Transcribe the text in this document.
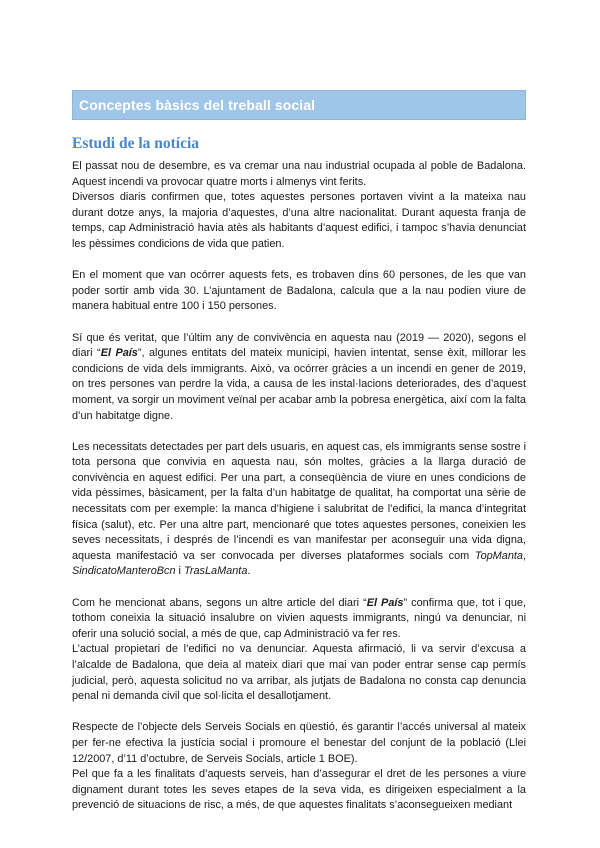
Conceptes bàsics del treball social
Estudi de la notícia

El passat nou de desembre, es va cremar una nau industrial ocupada al poble de Badalona. Aquest incendi va provocar quatre morts i almenys vint ferits.

Diversos diaris confirmen que, totes aquestes persones portaven vivint a la mateixa nau durant dotze anys, la majoria d’aquestes, d’una altre nacionalitat. Durant aquesta franja de temps, cap Administració havia atès als habitants d’aquest edifici, i tampoc s’havia denunciat les pèssimes condicions de vida que patien.

En el moment que van ocórrer aquests fets, es trobaven dins 60 persones, de les que van poder sortir amb vida 30. L’ajuntament de Badalona, calcula que a la nau podien viure de manera habitual entre 100 i 150 persones.

Sí que és veritat, que l’últim any de convivència en aquesta nau (2019 — 2020), segons el diari “El País”, algunes entitats del mateix municipi, havien intentat, sense èxit, millorar les condicions de vida dels immigrants. Això, va ocórrer gràcies a un incendi en gener de 2019, on tres persones van perdre la vida, a causa de les instal·lacions deteriorades, des d’aquest moment, va sorgir un moviment veïnal per acabar amb la pobresa energètica, així com la falta d’un habitatge digne.

Les necessitats detectades per part dels usuaris, en aquest cas, els immigrants sense sostre i tota persona que convivia en aquesta nau, són moltes, gràcies a la llarga duració de convivència en aquest edifici. Per una part, a conseqüència de viure en unes condicions de vida pèssimes, bàsicament, per la falta d’un habitatge de qualitat, ha comportat una sèrie de necessitats com per exemple: la manca d’higiene i salubritat de l’edifici, la manca d’integritat física (salut), etc. Per una altre part, mencionaré que totes aquestes persones, coneixien les seves necessitats, i després de l’incendi es van manifestar per aconseguir una vida digna, aquesta manifestació va ser convocada per diverses plataformes socials com TopManta, SindicatoManteroBcn i TrasLaManta.

Com he mencionat abans, segons un altre article del diari “El País” confirma que, tot i que, tothom coneixia la situació insalubre on vivien aquests immigrants, ningú va denunciar, ni oferir una solució social, a més de que, cap Administració va fer res.

L’actual propietari de l’edifici no va denunciar. Aquesta afirmació, li va servir d’excusa a l’alcalde de Badalona, que deia al mateix diari que mai van poder entrar sense cap permís judicial, però, aquesta solicitud no va arribar, als jutjats de Badalona no consta cap denuncia penal ni demanda civil que sol·licita el desallotjament.

Respecte de l’objecte dels Serveis Socials en qüestió, és garantir l’accés universal al mateix per fer-ne efectiva la justícia social i promoure el benestar del conjunt de la població (Llei 12/2007, d’11 d’octubre, de Serveis Socials, article 1 BOE).

Pel que fa a les finalitats d’aquests serveis, han d’assegurar el dret de les persones a viure dignament durant totes les seves etapes de la seva vida, es dirigeixen especialment a la prevenció de situacions de risc, a més, de que aquestes finalitats s’aconsegueixen mediant
